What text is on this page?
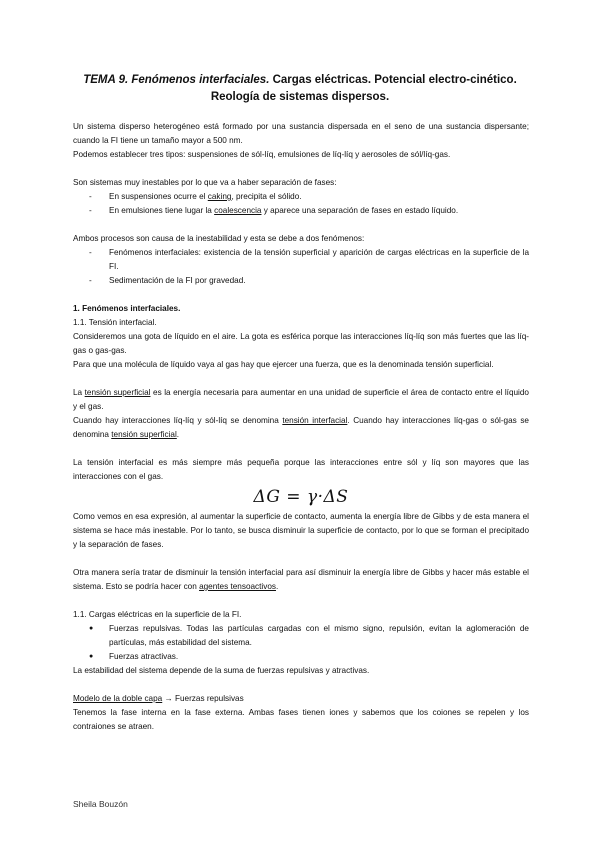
TEMA 9. Fenómenos interfaciales. Cargas eléctricas. Potencial electro-cinético. Reología de sistemas dispersos.

Un sistema disperso heterogéneo está formado por una sustancia dispersada en el seno de una sustancia dispersante; cuando la FI tiene un tamaño mayor a 500 nm.

Podemos establecer tres tipos: suspensiones de sól-líq, emulsiones de líq-líq y aerosoles de sól/líq-gas.

Son sistemas muy inestables por lo que va a haber separación de fases:

- En suspensiones ocurre el caking, precipita el sólido.
- En emulsiones tiene lugar la coalescencia y aparece una separación de fases en estado líquido.

Ambos procesos son causa de la inestabilidad y esta se debe a dos fenómenos:

- Fenómenos interfaciales: existencia de la tensión superficial y aparición de cargas eléctricas en la superficie de la FI.
- Sedimentación de la FI por gravedad.

1. Fenómenos interfaciales.

1.1. Tensión interfacial.

Consideremos una gota de líquido en el aire. La gota es esférica porque las interacciones líq-líq son más fuertes que las líq-gas o gas-gas.

Para que una molécula de líquido vaya al gas hay que ejercer una fuerza, que es la denominada tensión superficial.

La tensión superficial es la energía necesaria para aumentar en una unidad de superficie el área de contacto entre el líquido y el gas.

Cuando hay interacciones líq-líq y sól-líq se denomina tensión interfacial. Cuando hay interacciones líq-gas o sól-gas se denomina tensión superficial.

La tensión interfacial es más siempre más pequeña porque las interacciones entre sól y líq son mayores que las interacciones con el gas.

ΔG = γ·ΔS

Como vemos en esa expresión, al aumentar la superficie de contacto, aumenta la energía libre de Gibbs y de esta manera el sistema se hace más inestable. Por lo tanto, se busca disminuir la superficie de contacto, por lo que se forman el precipitado y la separación de fases.

Otra manera sería tratar de disminuir la tensión interfacial para así disminuir la energía libre de Gibbs y hacer más estable el sistema. Esto se podría hacer con agentes tensoactivos.

1.1. Cargas eléctricas en la superficie de la FI.

● Fuerzas repulsivas. Todas las partículas cargadas con el mismo signo, repulsión, evitan la aglomeración de partículas, más estabilidad del sistema.
● Fuerzas atractivas.

La estabilidad del sistema depende de la suma de fuerzas repulsivas y atractivas.

Modelo de la doble capa → Fuerzas repulsivas

Tenemos la fase interna en la fase externa. Ambas fases tienen iones y sabemos que los coiones se repelen y los contraiones se atraen.

Sheila Bouzón
